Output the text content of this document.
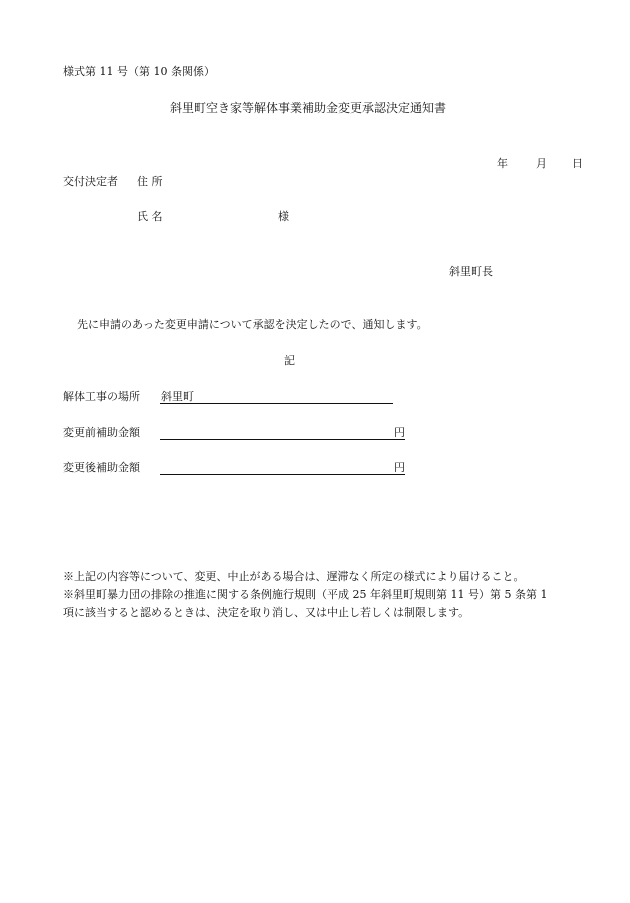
様式第 11 号（第 10 条関係）
斜里町空き家等解体事業補助金変更承認決定通知書
年	月 日
交付決定者 住 所
氏 名	様
斜里町長
先に申請のあった変更申請について承認を決定したので、通知します。
記
解体工事の場所 斜里町
変更前補助金額	円
変更後補助金額	円
※上記の内容等について、変更、中止がある場合は、遅滞なく所定の様式により届けること。
※斜里町暴力団の排除の推進に関する条例施行規則（平成 25 年斜里町規則第 11 号）第 5 条第 1
項に該当すると認めるときは、決定を取り消し、又は中止し若しくは制限します。
